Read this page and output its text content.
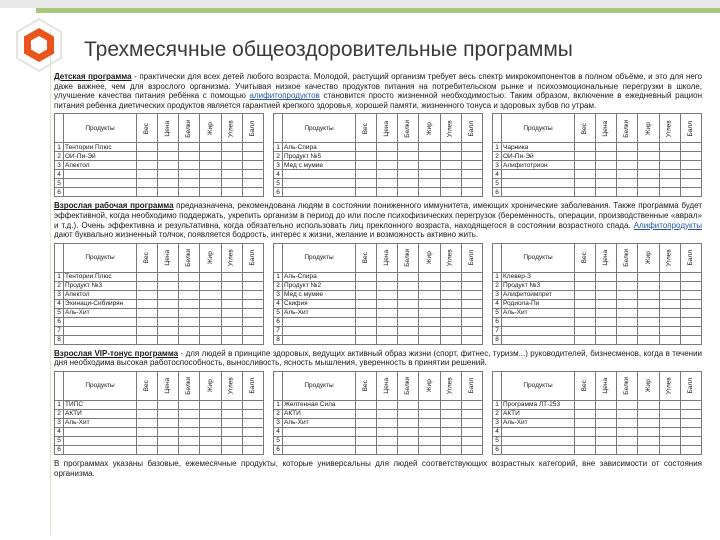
Трехмесячные общеоздоровительные программы

Детская программа - практически для всех детей любого возраста. Молодой, растущий организм требует весь спектр микрокомпонентов в полном объёме, и это для него даже важнее, чем для взрослого организма. Учитывая низкое качество продуктов питания на потребительском рынке и психоэмоциональные перегрузки в школе, улучшение качества питания ребёнка с помощью алифитопродуктов становится просто жизненной необходимостью. Таким образом, включение в ежедневный рацион питания ребенка диетических продуктов является гарантией крепкого здоровья, хорошей памяти, жизненного тонуса и здоровых зубов по утрам.

	Продукты	Вес	Цена	Белки	Жир	Углев	Балл
1	Тентории Плюс						
2	ОИ-Пи-Эй						
3	Апектол						
4							
5							
6							
	Продукты	Вес	Цена	Белки	Жир	Углев	Балл
1	Аль-Спира						
2	Продукт №5						
3	Мед с мумие						
4							
5							
6							
	Продукты	Вес	Цена	Белки	Жир	Углев	Балл
1	Чарника						
2	ОИ-Пи-Эй						
3	Алифитотрион						
4							
5							
6							

Взрослая рабочая программа предназначена, рекомендована людям в состоянии пониженного иммунитета, имеющих хронические заболевания. Также программа будет эффективной, когда необходимо поддержать, укрепить организм в период до или после психофизических перегрузок (беременность, операции, производственные «аврал» и т.д.). Очень эффективна и результативна, когда обязательно использовать лиц преклонного возраста, находящегося в состоянии возрастного спада. Алифитопродукты дают буквально жизненный толчок, появляется бодрость, интерес к жизни, желание и возможность активно жить.

	Продукты	Вес	Цена	Белки	Жир	Углев	Балл
1	Тентории Плюс						
2	Продукт №3						
3	Апектол						
4	Эхинаци-Сибиирян						
5	Аль-Хит						
6							
7							
8							
	Продукты	Вес	Цена	Белки	Жир	Углев	Балл
1	Аль-Спира						
2	Продукт №2						
3	Мед с мумие						
4	Скифия						
5	Аль-Хит						
6							
7							
8							
	Продукты	Вес	Цена	Белки	Жир	Углев	Балл
1	Клевер-З						
2	Продукт №3						
3	Алифитоимпрет						
4	Родиола-Пи						
5	Аль-Хит						
6							
7							
8							

Взрослая VIP-тонус программа - для людей в принципе здоровых, ведущих активный образ жизни (спорт, фитнес, туризм...) руководителей, бизнесменов, когда в течении дня необходима высокая работоспособность, выносливость, ясность мышления, уверенность в принятии решений.

	Продукты	Вес	Цена	Белки	Жир	Углев	Балл
1	ТИПС						
2	АКТИ						
3	Аль-Хит						
4							
5							
6							
	Продукты	Вес	Цена	Белки	Жир	Углев	Балл
1	Желтенная Сила						
2	АКТИ						
3	Аль-Хит						
4							
5							
6							
	Продукты	Вес	Цена	Белки	Жир	Углев	Балл
1	Программа ЛТ-253						
2	АКТИ						
3	Аль-Хит						
4							
5							
6							

В программах указаны базовые, ежемесячные продукты, которые универсальны для людей соответствующих возрастных категорий, вне зависимости от состояния организма.
